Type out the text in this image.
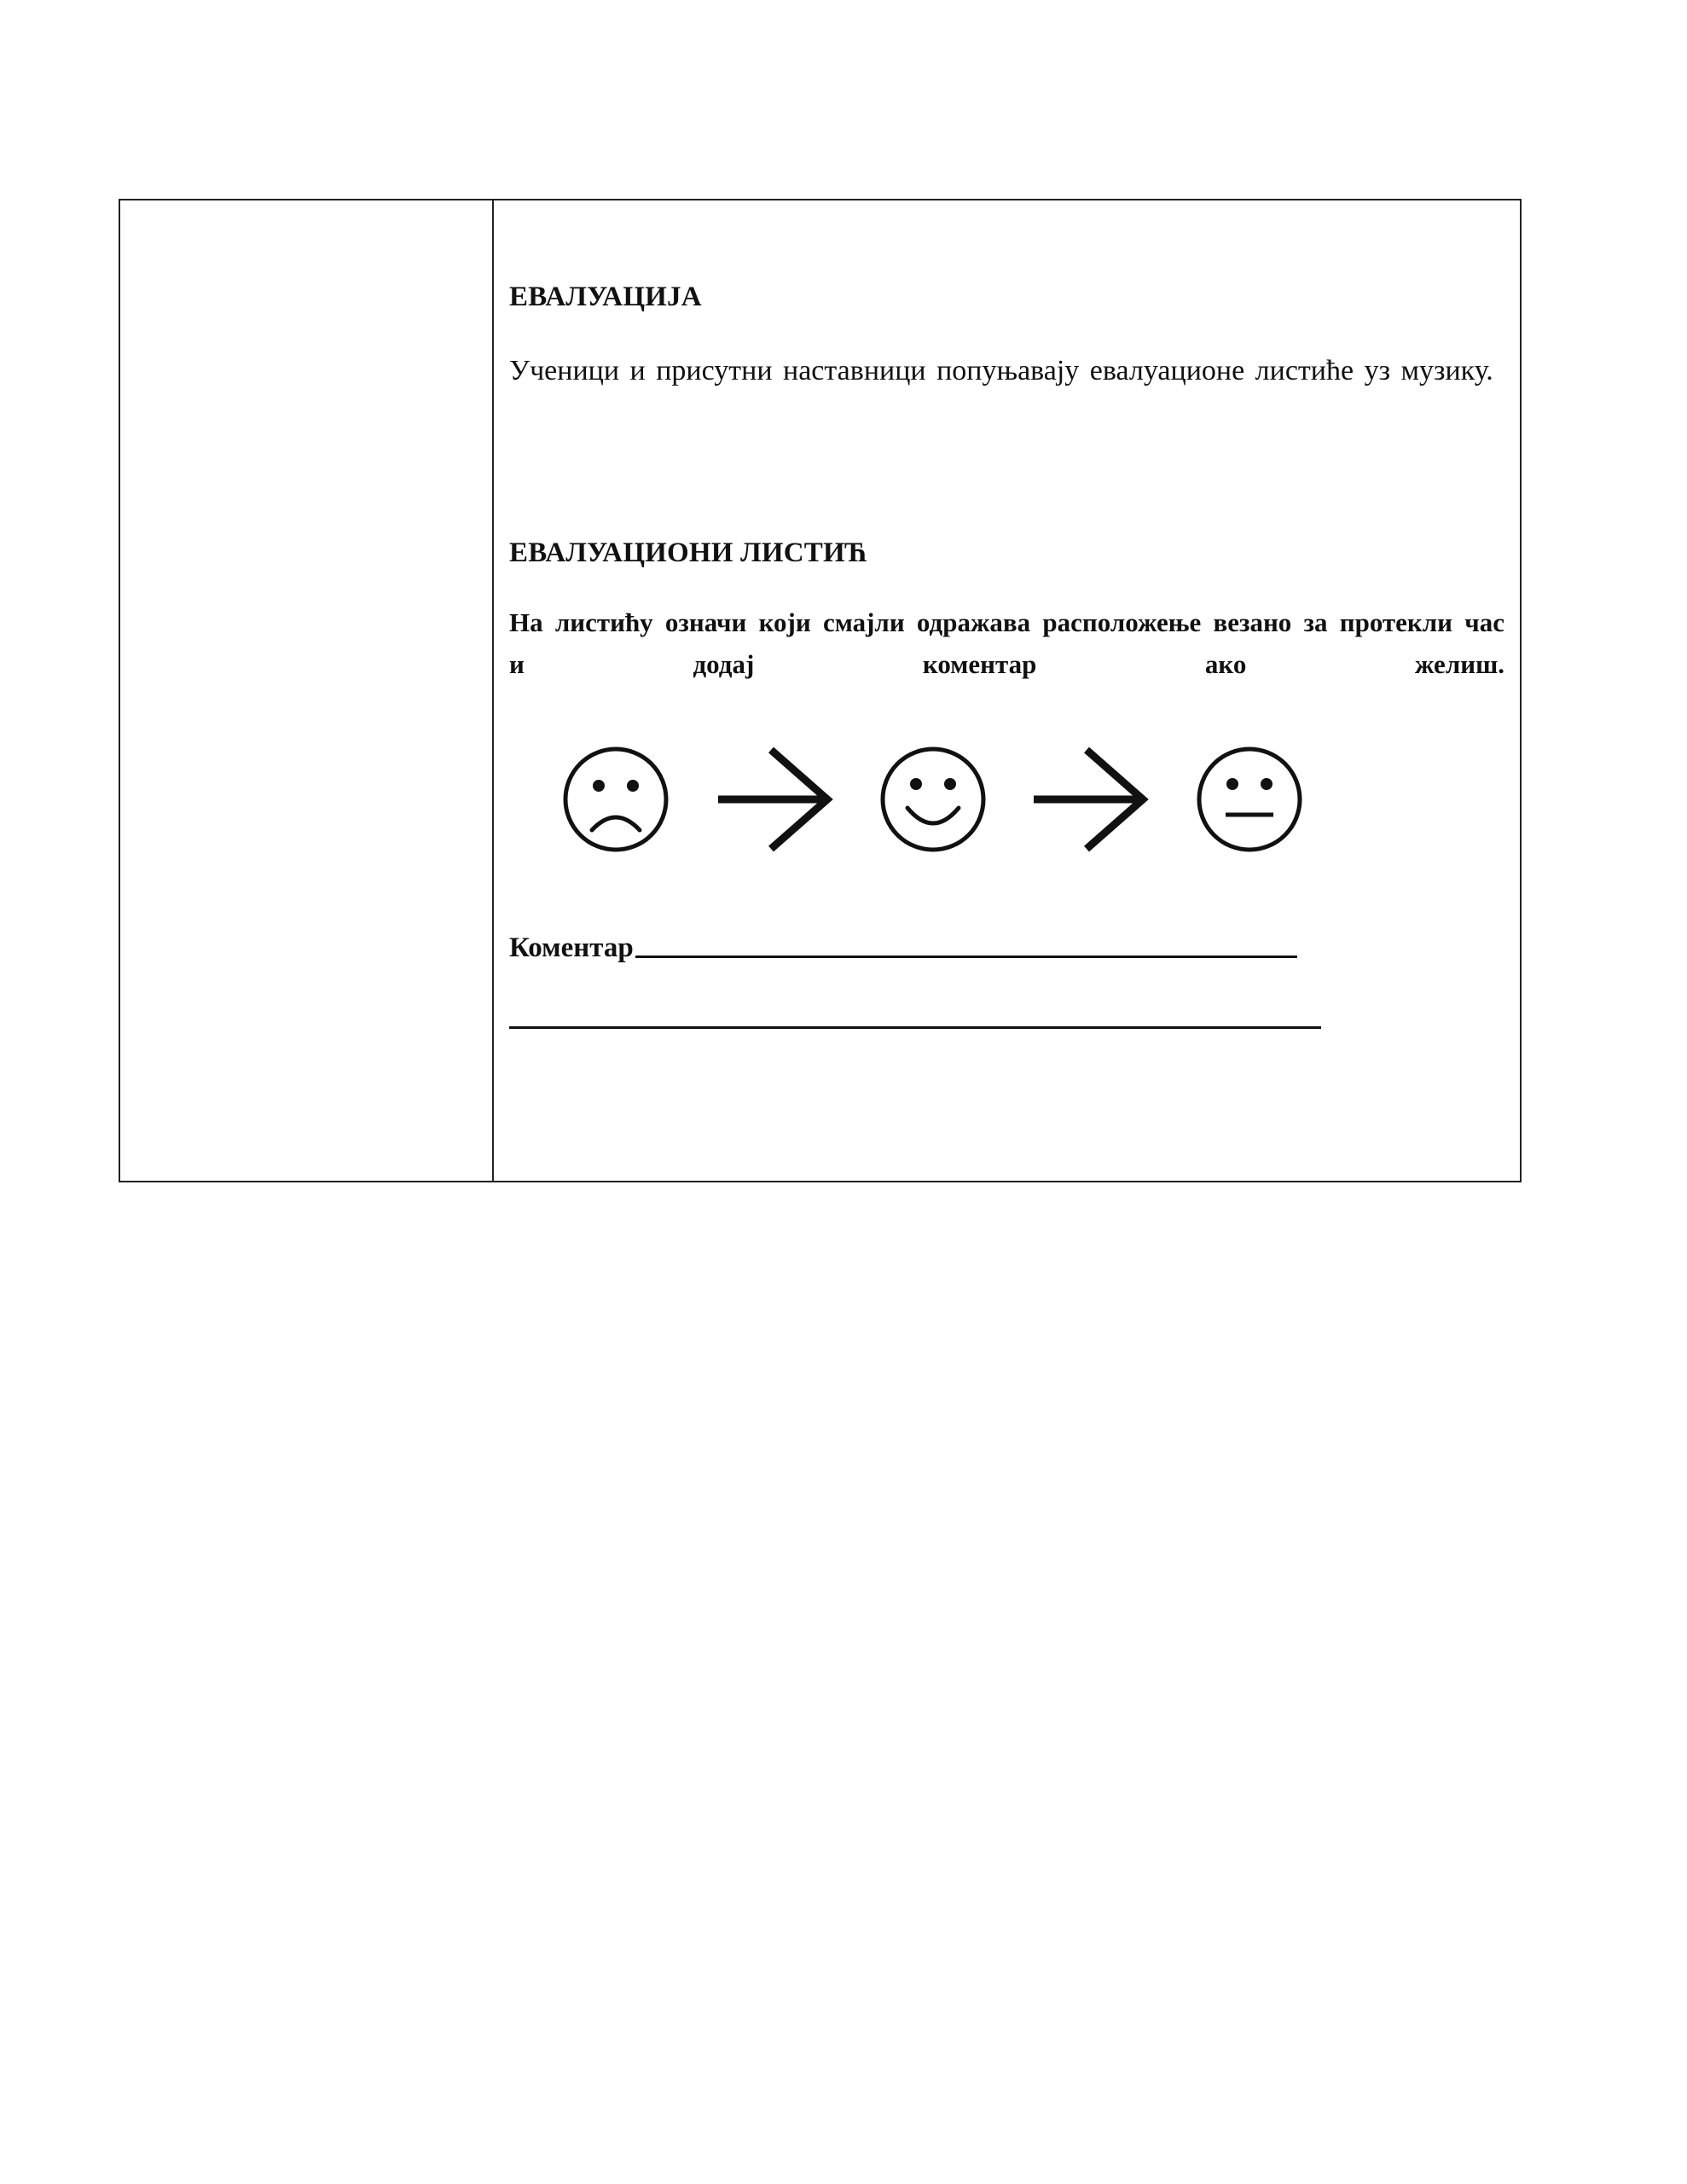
ЕВАЛУАЦИЈА
Ученици и присутни наставници попуњавају евалуационе листиће уз музику.
ЕВАЛУАЦИОНИ ЛИСТИЋ
На листићу означи који смајли одражава расположење везано за протекли час и додај коментар ако желиш.
Коментар
